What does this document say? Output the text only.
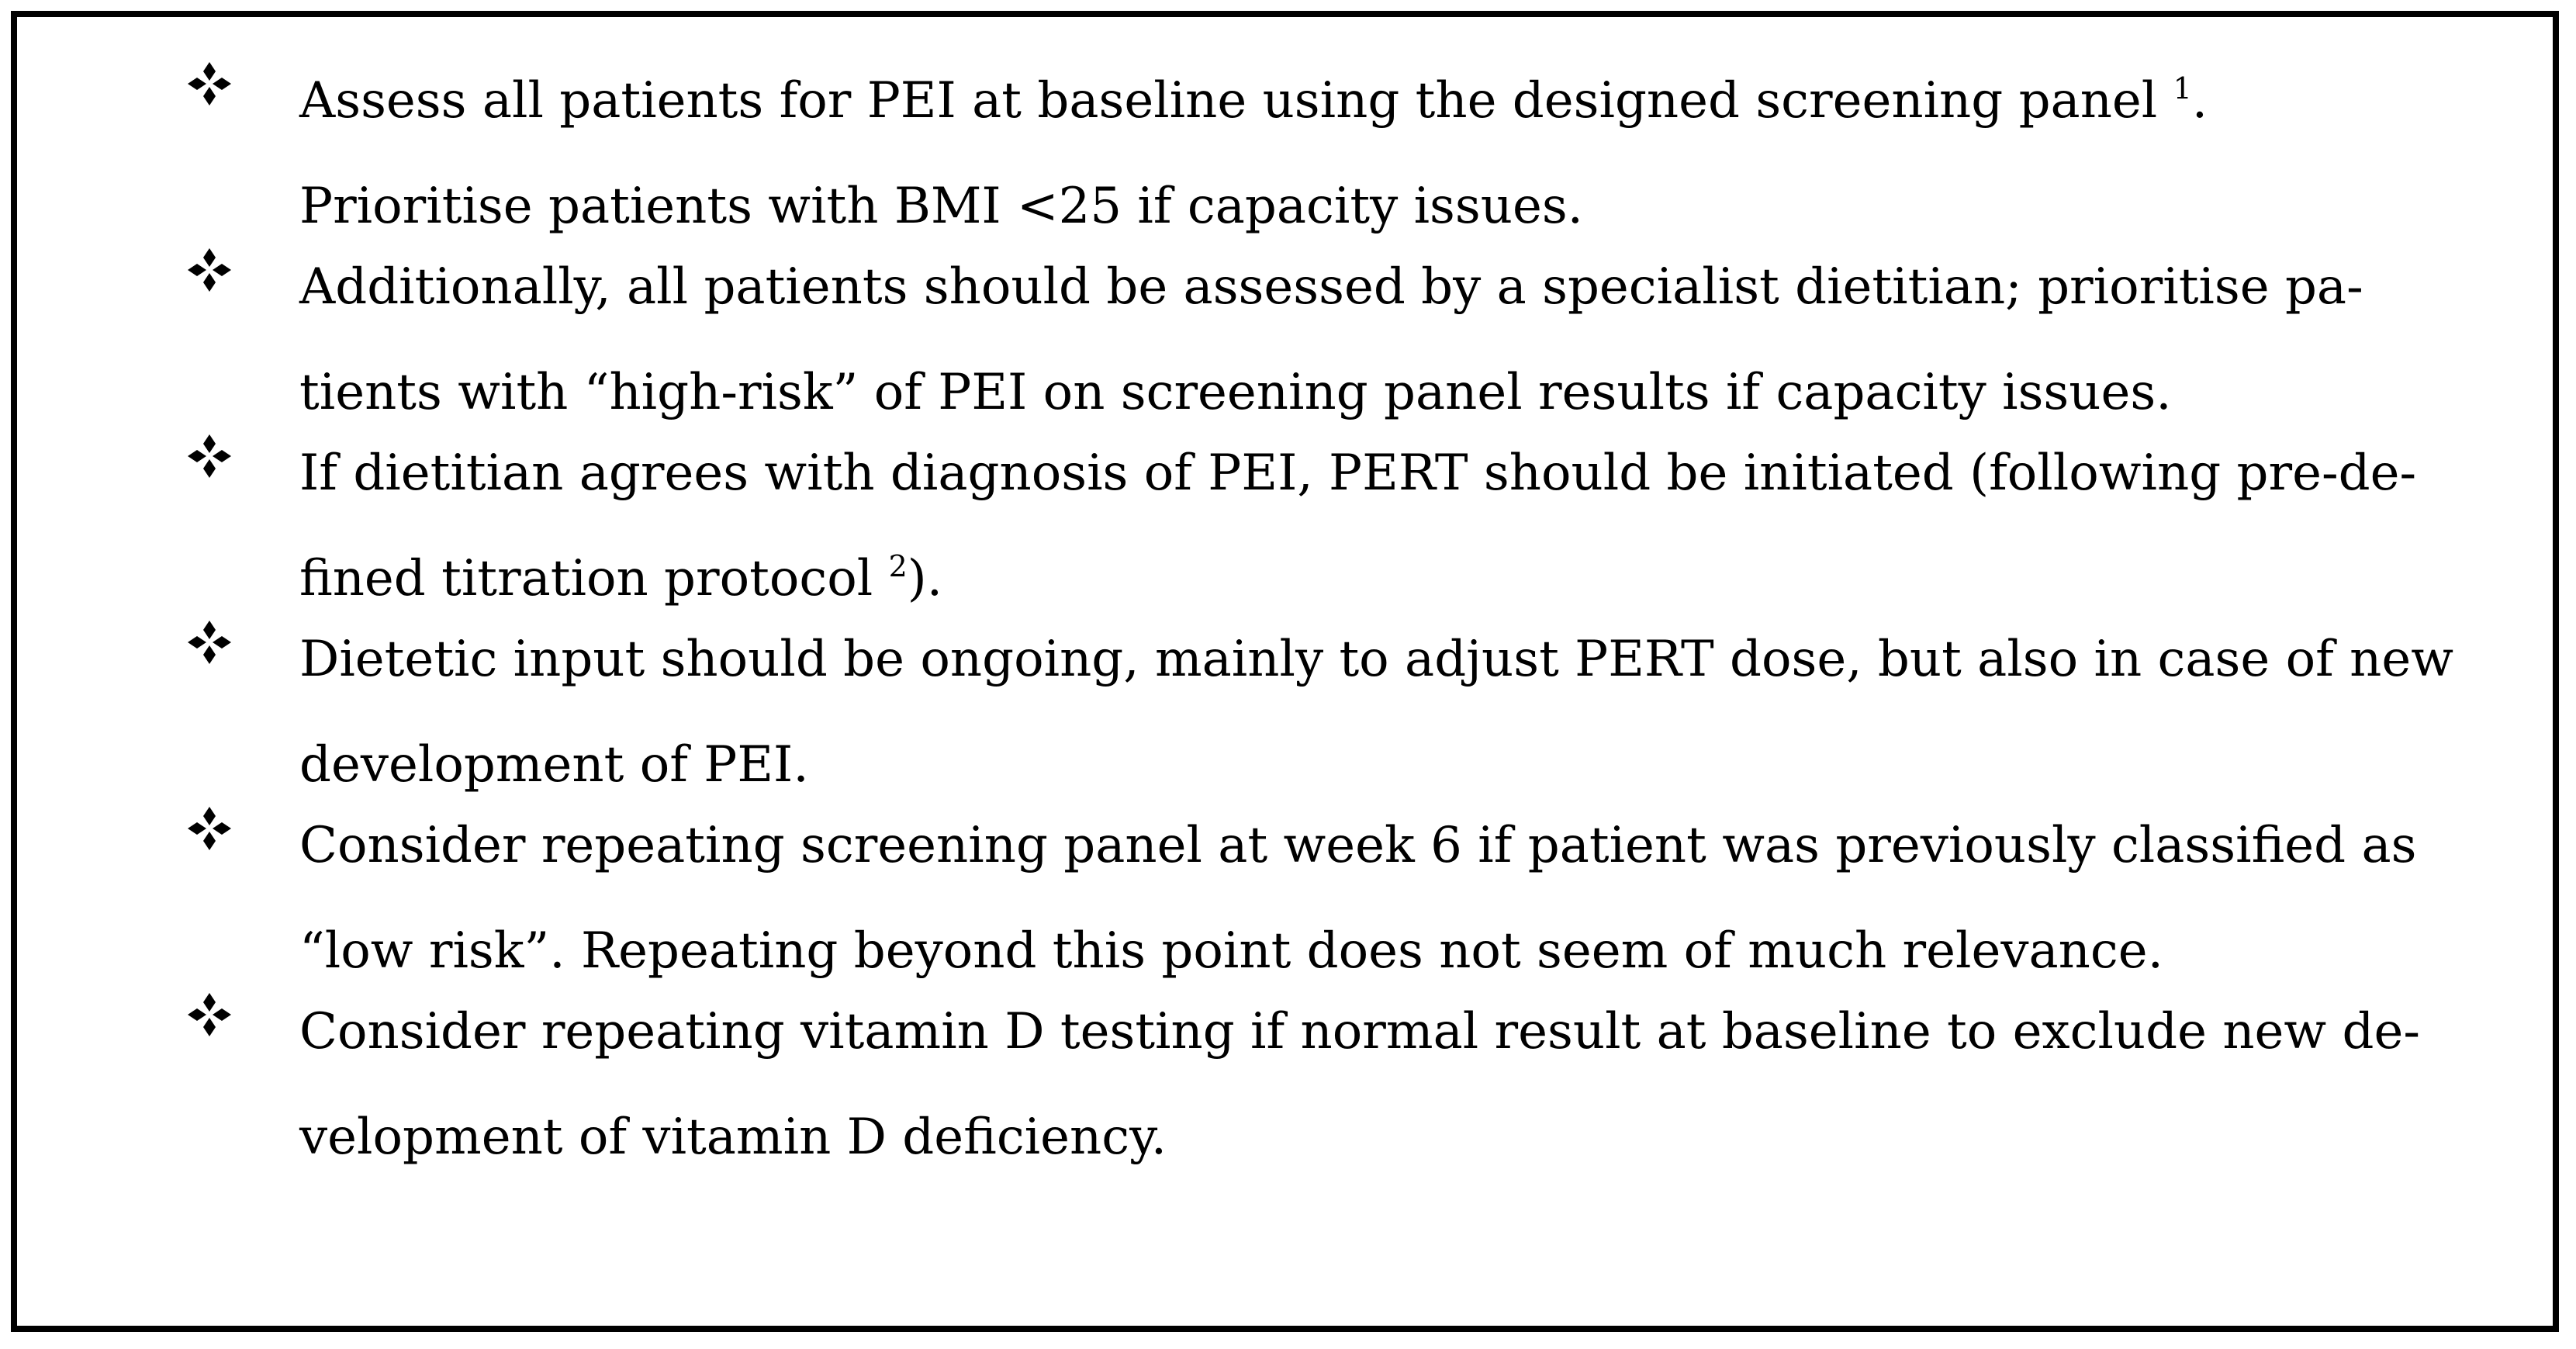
Assess all patients for PEI at baseline using the designed screening panel $^1$.
Prioritise patients with BMI <25 if capacity issues.
Additionally, all patients should be assessed by a specialist dietitian; prioritise pa-
tients with “high-risk” of PEI on screening panel results if capacity issues.
If dietitian agrees with diagnosis of PEI, PERT should be initiated (following pre-de-
fined titration protocol $^2$).
Dietetic input should be ongoing, mainly to adjust PERT dose, but also in case of new
development of PEI.
Consider repeating screening panel at week 6 if patient was previously classified as
“low risk”. Repeating beyond this point does not seem of much relevance.
Consider repeating vitamin D testing if normal result at baseline to exclude new de-
velopment of vitamin D deficiency.
